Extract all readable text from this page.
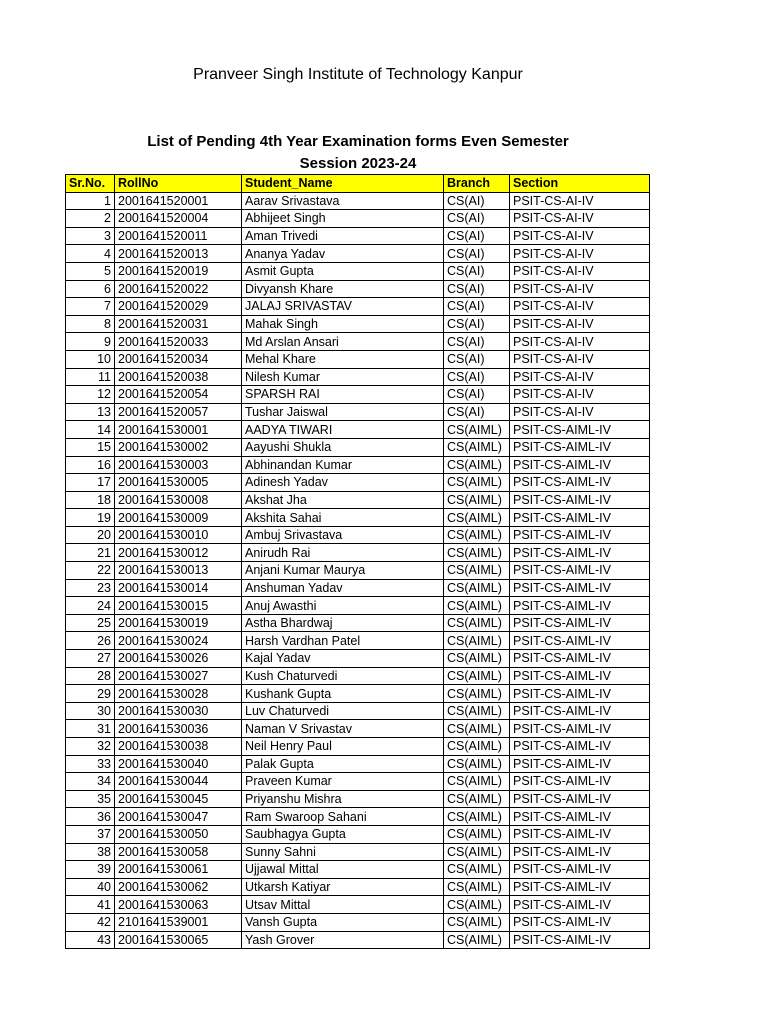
Pranveer Singh Institute of Technology Kanpur
List of Pending 4th Year Examination forms Even Semester
Session 2023-24
Sr.No.	RollNo	Student_Name	Branch	Section
1	2001641520001	Aarav Srivastava	CS(AI)	PSIT-CS-AI-IV
2	2001641520004	Abhijeet Singh	CS(AI)	PSIT-CS-AI-IV
3	2001641520011	Aman Trivedi	CS(AI)	PSIT-CS-AI-IV
4	2001641520013	Ananya Yadav	CS(AI)	PSIT-CS-AI-IV
5	2001641520019	Asmit Gupta	CS(AI)	PSIT-CS-AI-IV
6	2001641520022	Divyansh Khare	CS(AI)	PSIT-CS-AI-IV
7	2001641520029	JALAJ SRIVASTAV	CS(AI)	PSIT-CS-AI-IV
8	2001641520031	Mahak Singh	CS(AI)	PSIT-CS-AI-IV
9	2001641520033	Md Arslan Ansari	CS(AI)	PSIT-CS-AI-IV
10	2001641520034	Mehal Khare	CS(AI)	PSIT-CS-AI-IV
11	2001641520038	Nilesh Kumar	CS(AI)	PSIT-CS-AI-IV
12	2001641520054	SPARSH RAI	CS(AI)	PSIT-CS-AI-IV
13	2001641520057	Tushar Jaiswal	CS(AI)	PSIT-CS-AI-IV
14	2001641530001	AADYA TIWARI	CS(AIML)	PSIT-CS-AIML-IV
15	2001641530002	Aayushi Shukla	CS(AIML)	PSIT-CS-AIML-IV
16	2001641530003	Abhinandan Kumar	CS(AIML)	PSIT-CS-AIML-IV
17	2001641530005	Adinesh Yadav	CS(AIML)	PSIT-CS-AIML-IV
18	2001641530008	Akshat Jha	CS(AIML)	PSIT-CS-AIML-IV
19	2001641530009	Akshita Sahai	CS(AIML)	PSIT-CS-AIML-IV
20	2001641530010	Ambuj Srivastava	CS(AIML)	PSIT-CS-AIML-IV
21	2001641530012	Anirudh Rai	CS(AIML)	PSIT-CS-AIML-IV
22	2001641530013	Anjani Kumar Maurya	CS(AIML)	PSIT-CS-AIML-IV
23	2001641530014	Anshuman Yadav	CS(AIML)	PSIT-CS-AIML-IV
24	2001641530015	Anuj Awasthi	CS(AIML)	PSIT-CS-AIML-IV
25	2001641530019	Astha Bhardwaj	CS(AIML)	PSIT-CS-AIML-IV
26	2001641530024	Harsh Vardhan Patel	CS(AIML)	PSIT-CS-AIML-IV
27	2001641530026	Kajal Yadav	CS(AIML)	PSIT-CS-AIML-IV
28	2001641530027	Kush Chaturvedi	CS(AIML)	PSIT-CS-AIML-IV
29	2001641530028	Kushank Gupta	CS(AIML)	PSIT-CS-AIML-IV
30	2001641530030	Luv Chaturvedi	CS(AIML)	PSIT-CS-AIML-IV
31	2001641530036	Naman V Srivastav	CS(AIML)	PSIT-CS-AIML-IV
32	2001641530038	Neil Henry Paul	CS(AIML)	PSIT-CS-AIML-IV
33	2001641530040	Palak Gupta	CS(AIML)	PSIT-CS-AIML-IV
34	2001641530044	Praveen Kumar	CS(AIML)	PSIT-CS-AIML-IV
35	2001641530045	Priyanshu Mishra	CS(AIML)	PSIT-CS-AIML-IV
36	2001641530047	Ram Swaroop Sahani	CS(AIML)	PSIT-CS-AIML-IV
37	2001641530050	Saubhagya Gupta	CS(AIML)	PSIT-CS-AIML-IV
38	2001641530058	Sunny Sahni	CS(AIML)	PSIT-CS-AIML-IV
39	2001641530061	Ujjawal Mittal	CS(AIML)	PSIT-CS-AIML-IV
40	2001641530062	Utkarsh Katiyar	CS(AIML)	PSIT-CS-AIML-IV
41	2001641530063	Utsav Mittal	CS(AIML)	PSIT-CS-AIML-IV
42	2101641539001	Vansh Gupta	CS(AIML)	PSIT-CS-AIML-IV
43	2001641530065	Yash Grover	CS(AIML)	PSIT-CS-AIML-IV
